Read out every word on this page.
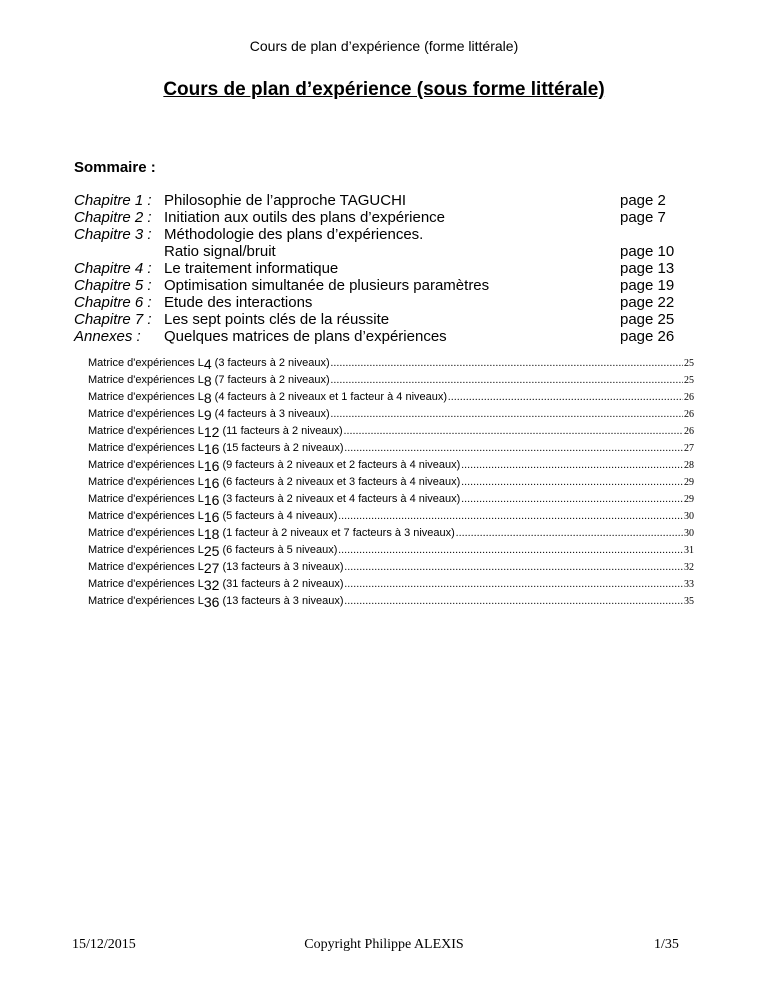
Cours de plan d’expérience (forme littérale)
Cours de plan d’expérience (sous forme littérale)
Sommaire :
Chapitre 1 : Philosophie de l’approche TAGUCHI	page 2
Chapitre 2 : Initiation aux outils des plans d’expérience	page 7
Chapitre 3 : Méthodologie des plans d’expériences.
Ratio signal/bruit	page 10
Chapitre 4 : Le traitement informatique	page 13
Chapitre 5 : Optimisation simultanée de plusieurs paramètres	page 19
Chapitre 6 : Etude des interactions	page 22
Chapitre 7 : Les sept points clés de la réussite	page 25
Annexes : Quelques matrices de plans d’expériences	page 26
Matrice d'expériences L4 (3 facteurs à 2 niveaux) .....	25
Matrice d'expériences L8 (7 facteurs à 2 niveaux) .....	25
Matrice d'expériences L8 (4 facteurs à 2 niveaux et 1 facteur à 4 niveaux) .....	26
Matrice d'expériences L9 (4 facteurs à 3 niveaux) .....	26
Matrice d'expériences L12 (11 facteurs à 2 niveaux) .....	26
Matrice d'expériences L16 (15 facteurs à 2 niveaux) .....	27
Matrice d'expériences L16 (9 facteurs à 2 niveaux et 2 facteurs à 4 niveaux) .....	28
Matrice d'expériences L16 (6 facteurs à 2 niveaux et 3 facteurs à 4 niveaux) .....	29
Matrice d'expériences L16 (3 facteurs à 2 niveaux et 4 facteurs à 4 niveaux) .....	29
Matrice d'expériences L16 (5 facteurs à 4 niveaux) .....	30
Matrice d'expériences L18 (1 facteur à 2 niveaux et 7 facteurs à 3 niveaux) .....	30
Matrice d'expériences L25 (6 facteurs à 5 niveaux) .....	31
Matrice d'expériences L27 (13 facteurs à 3 niveaux) .....	32
Matrice d'expériences L32 (31 facteurs à 2 niveaux) .....	33
Matrice d'expériences L36 (13 facteurs à 3 niveaux) .....	35
15/12/2015	Copyright Philippe ALEXIS	1/35
